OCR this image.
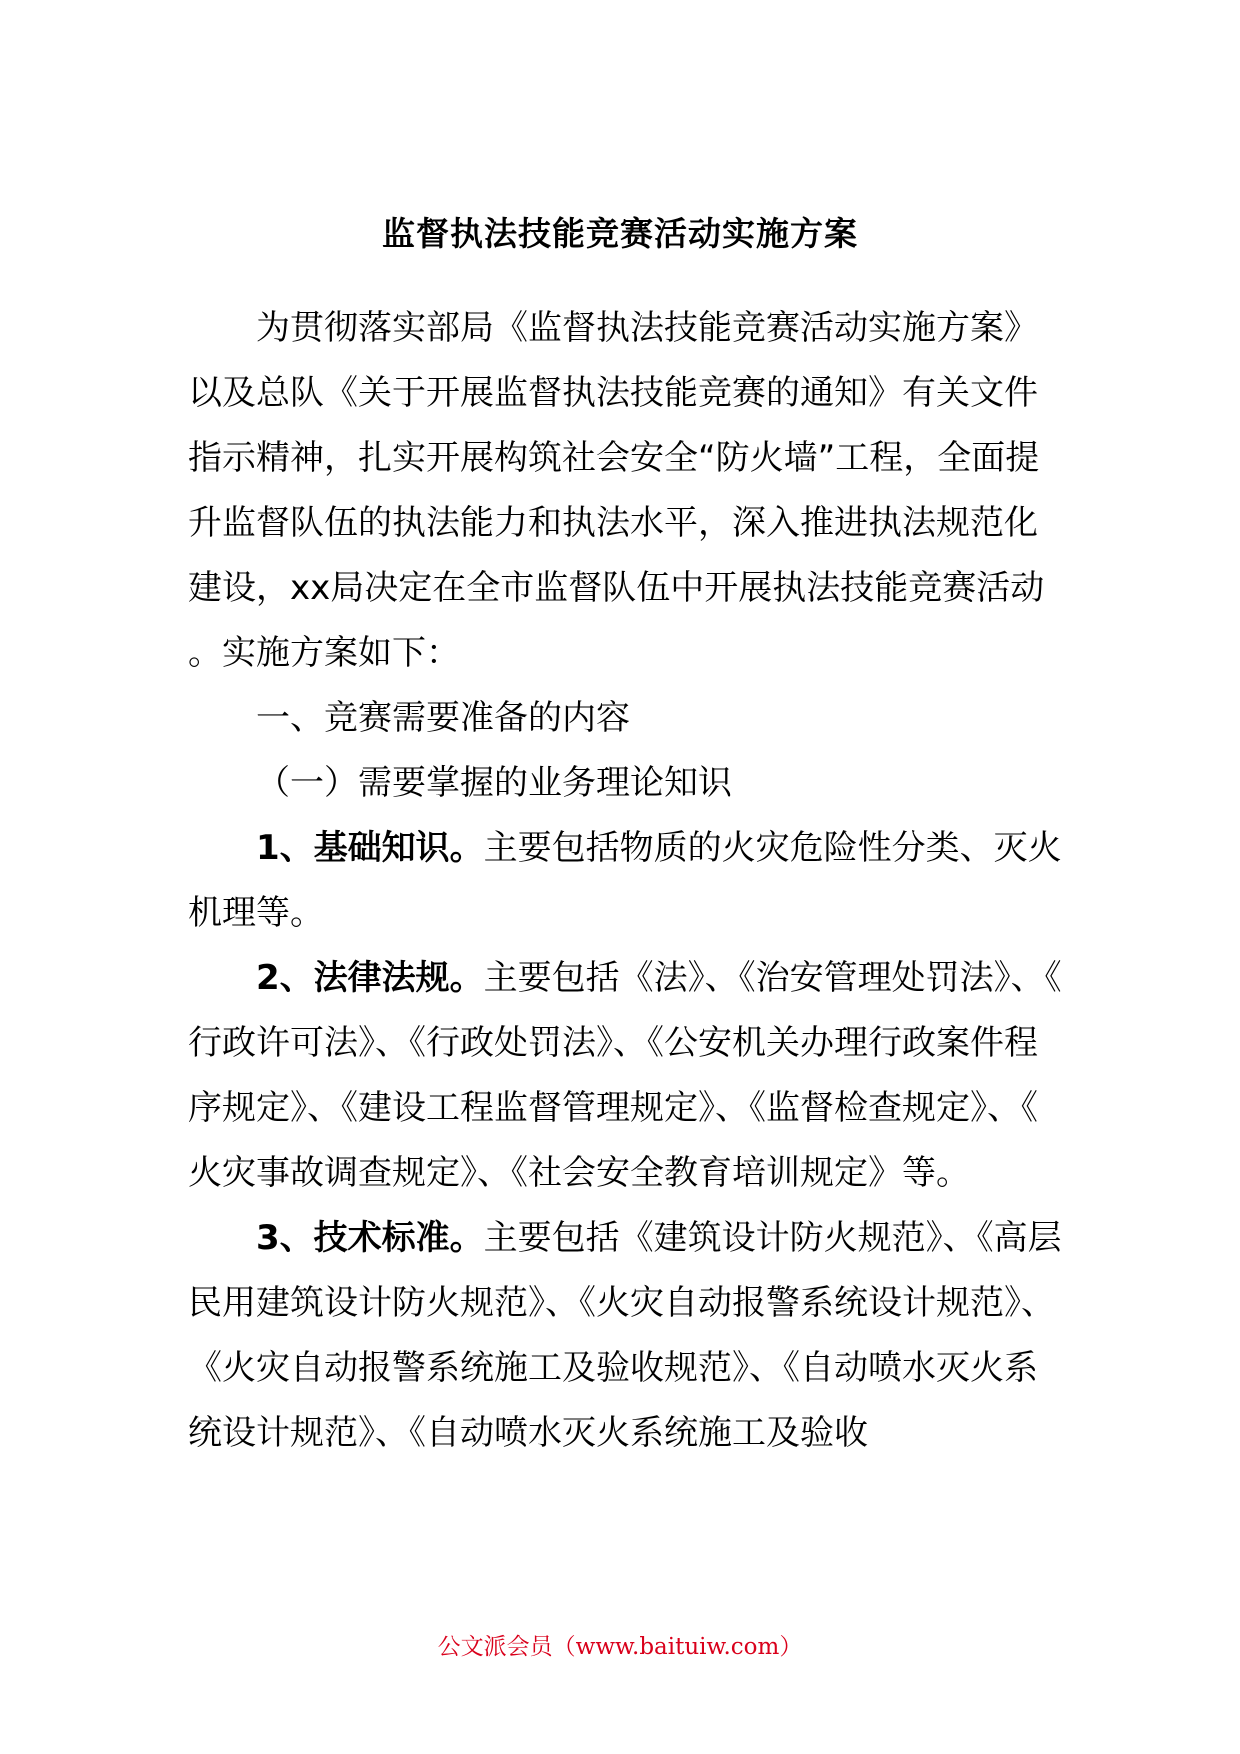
监督执法技能竞赛活动实施方案

为贯彻落实部局《监督执法技能竞赛活动实施方案》以及总队《关于开展监督执法技能竞赛的通知》有关文件指示精神，扎实开展构筑社会安全“防火墙”工程，全面提升监督队伍的执法能力和执法水平，深入推进执法规范化建设，xx局决定在全市监督队伍中开展执法技能竞赛活动。实施方案如下：

一、竞赛需要准备的内容

（一）需要掌握的业务理论知识

1、基础知识。主要包括物质的火灾危险性分类、灭火机理等。

2、法律法规。主要包括《法》、《治安管理处罚法》、《行政许可法》、《行政处罚法》、《公安机关办理行政案件程序规定》、《建设工程监督管理规定》、《监督检查规定》、《火灾事故调查规定》、《社会安全教育培训规定》等。

3、技术标准。主要包括《建筑设计防火规范》、《高层民用建筑设计防火规范》、《火灾自动报警系统设计规范》、《火灾自动报警系统施工及验收规范》、《自动喷水灭火系统设计规范》、《自动喷水灭火系统施工及验收

公文派会员（www.baituiw.com）
